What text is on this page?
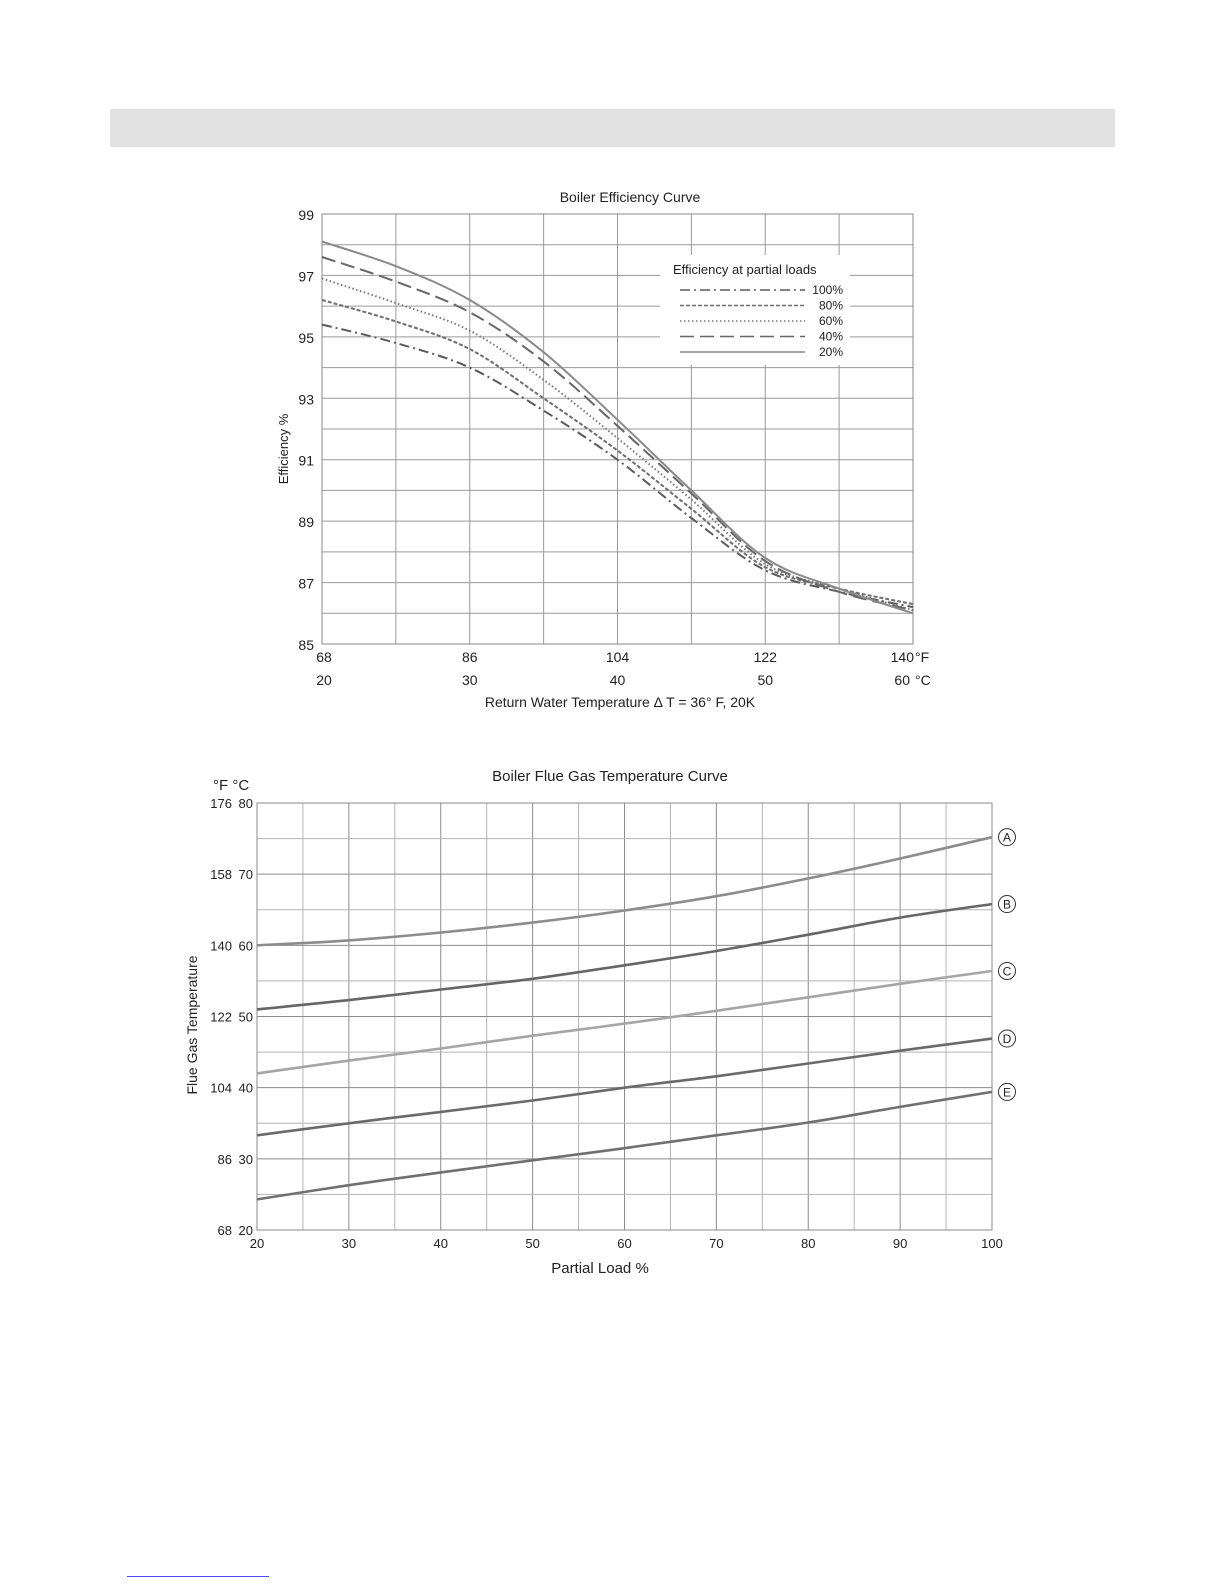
85
87
89
91
93
95
97
99
68	86	104	122	140
20	30	40	50	60
°F
°C
Boiler Efficiency Curve
Return Water Temperature Δ T = 36° F, 20K
Efficiency %
Efficiency at partial loads
100%
80%
60%
40%
20%
68 20
86 30
104 40
122 50
140 60
158 70
176 80
°F °C
20	30	40	50	60	70	80	90	100
Boiler Flue Gas Temperature Curve
Partial Load %
Flue Gas Temperature
A
B
C
D
E
